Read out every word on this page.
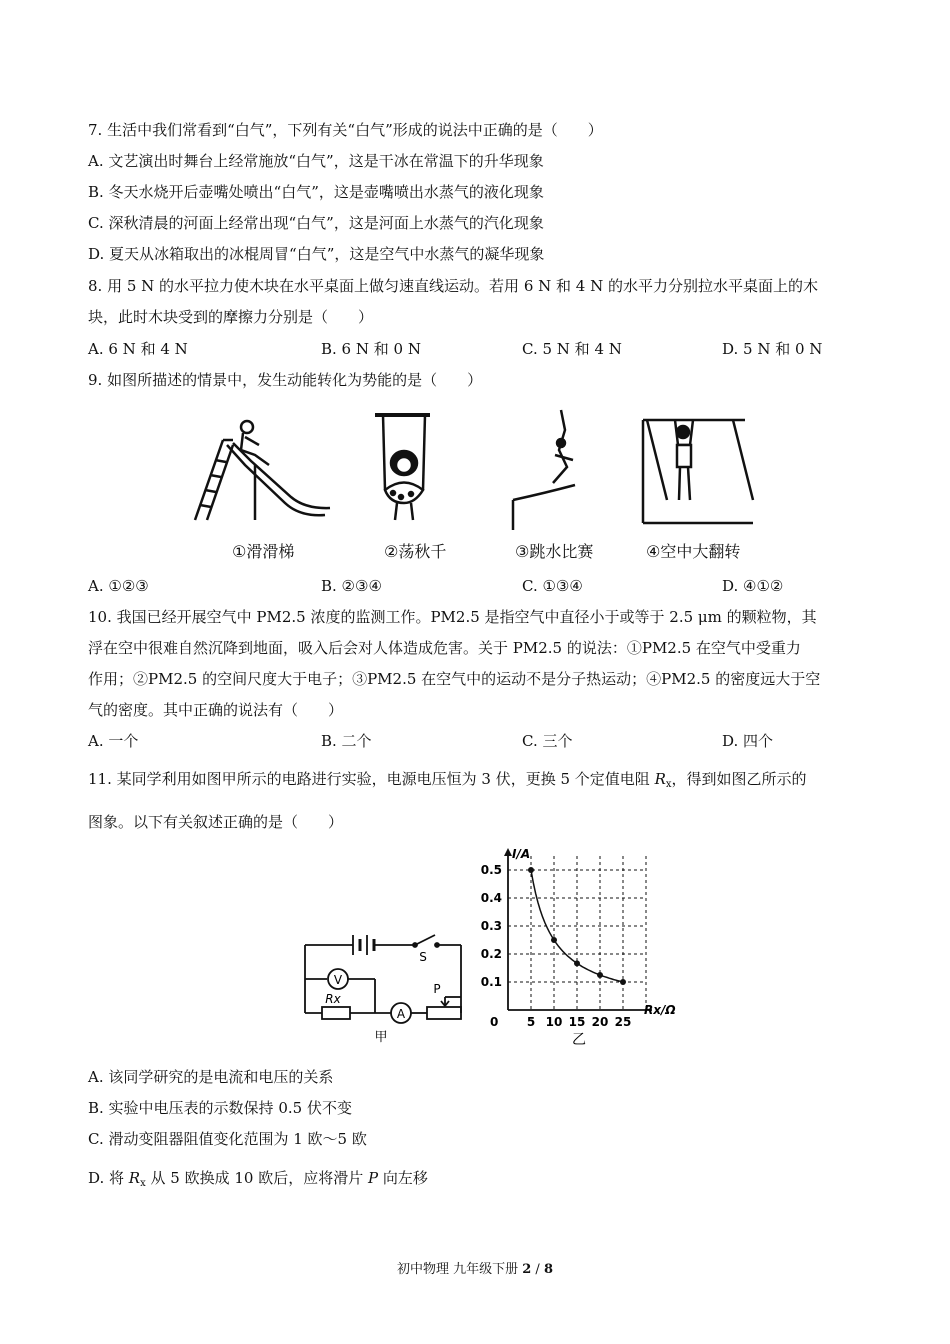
7. 生活中我们常看到“白气”，下列有关“白气”形成的说法中正确的是（　　）
A. 文艺演出时舞台上经常施放“白气”，这是干冰在常温下的升华现象
B. 冬天水烧开后壶嘴处喷出“白气”，这是壶嘴喷出水蒸气的液化现象
C. 深秋清晨的河面上经常出现“白气”，这是河面上水蒸气的汽化现象
D. 夏天从冰箱取出的冰棍周冒“白气”，这是空气中水蒸气的凝华现象
8. 用 5 N 的水平拉力使木块在水平桌面上做匀速直线运动。若用 6 N 和 4 N 的水平力分别拉水平桌面上的木
块，此时木块受到的摩擦力分别是（　　）
A. 6 N 和 4 N	B. 6 N 和 0 N	C. 5 N 和 4 N	D. 5 N 和 0 N
9. 如图所描述的情景中，发生动能转化为势能的是（　　）
①滑滑梯	②荡秋千	③跳水比赛	④空中大翻转
A. ①②③	B. ②③④	C. ①③④	D. ④①②
10. 我国已经开展空气中 PM2.5 浓度的监测工作。PM2.5 是指空气中直径小于或等于 2.5 μm 的颗粒物，其
浮在空中很难自然沉降到地面，吸入后会对人体造成危害。关于 PM2.5 的说法：①PM2.5 在空气中受重力
作用；②PM2.5 的空间尺度大于电子；③PM2.5 在空气中的运动不是分子热运动；④PM2.5 的密度远大于空
气的密度。其中正确的说法有（　　）
A. 一个	B. 二个	C. 三个	D. 四个
11. 某同学利用如图甲所示的电路进行实验，电源电压恒为 3 伏，更换 5 个定值电阻 $R_x$，得到如图乙所示的
图象。以下有关叙述正确的是（　　）
V
A
S
Rx
P
甲
I/A
Rx/Ω
0
乙
0.1
0.2
0.3
0.4
0.5
5 10 15 20 25
A. 该同学研究的是电流和电压的关系
B. 实验中电压表的示数保持 0.5 伏不变
C. 滑动变阻器阻值变化范围为 1 欧～5 欧
D. 将 $R_x$ 从 5 欧换成 10 欧后，应将滑片 P 向左移
初中物理 九年级下册 2 / 8
